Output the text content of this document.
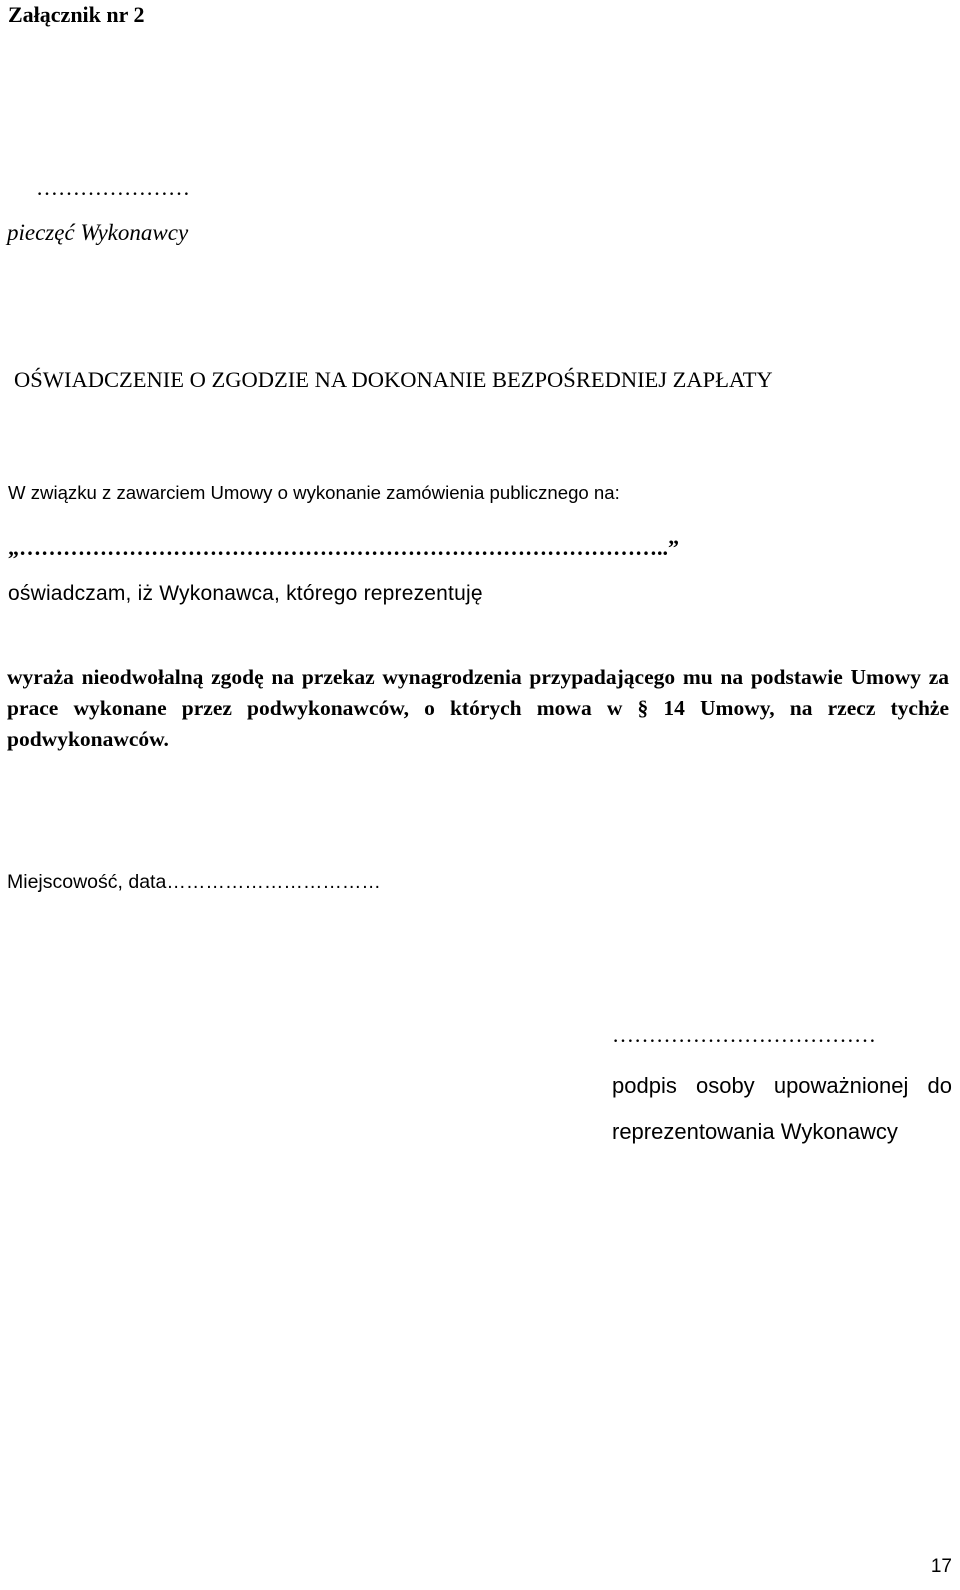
Załącznik nr 2
…………………
pieczęć Wykonawcy
OŚWIADCZENIE O ZGODZIE NA DOKONANIE BEZPOŚREDNIEJ ZAPŁATY
W związku z zawarciem Umowy o wykonanie zamówienia publicznego na:
„……………………………………………………………………………..”
oświadczam, iż Wykonawca, którego reprezentuję
wyraża nieodwołalną zgodę na przekaz wynagrodzenia przypadającego mu na podstawie Umowy za prace wykonane przez podwykonawców, o których mowa w § 14 Umowy, na rzecz tychże podwykonawców.
Miejscowość, data……………………………
………………………………
podpis osoby upoważnionej do reprezentowania Wykonawcy
17
